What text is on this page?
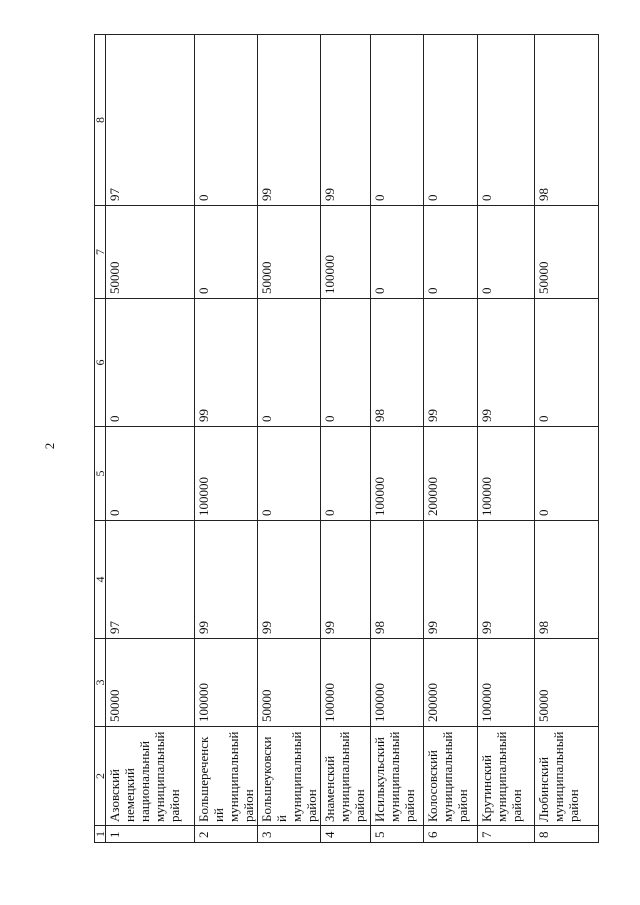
2
1	2	3	4	5	6	7	8
1	Азовский немецкий национальный муниципальный район	50000	97	0	0	50000	97
2	Большереченский муниципальный район	100000	99	100000	99	0	0
3	Большеуковский муниципальный район	50000	99	0	0	50000	99
4	Знаменский муниципальный район	100000	99	0	0	100000	99
5	Исилькульский муниципальный район	100000	98	100000	98	0	0
6	Колосовский муниципальный район	200000	99	200000	99	0	0
7	Крутинский муниципальный район	100000	99	100000	99	0	0
8	Любинский муниципальный район	50000	98	0	0	50000	98
